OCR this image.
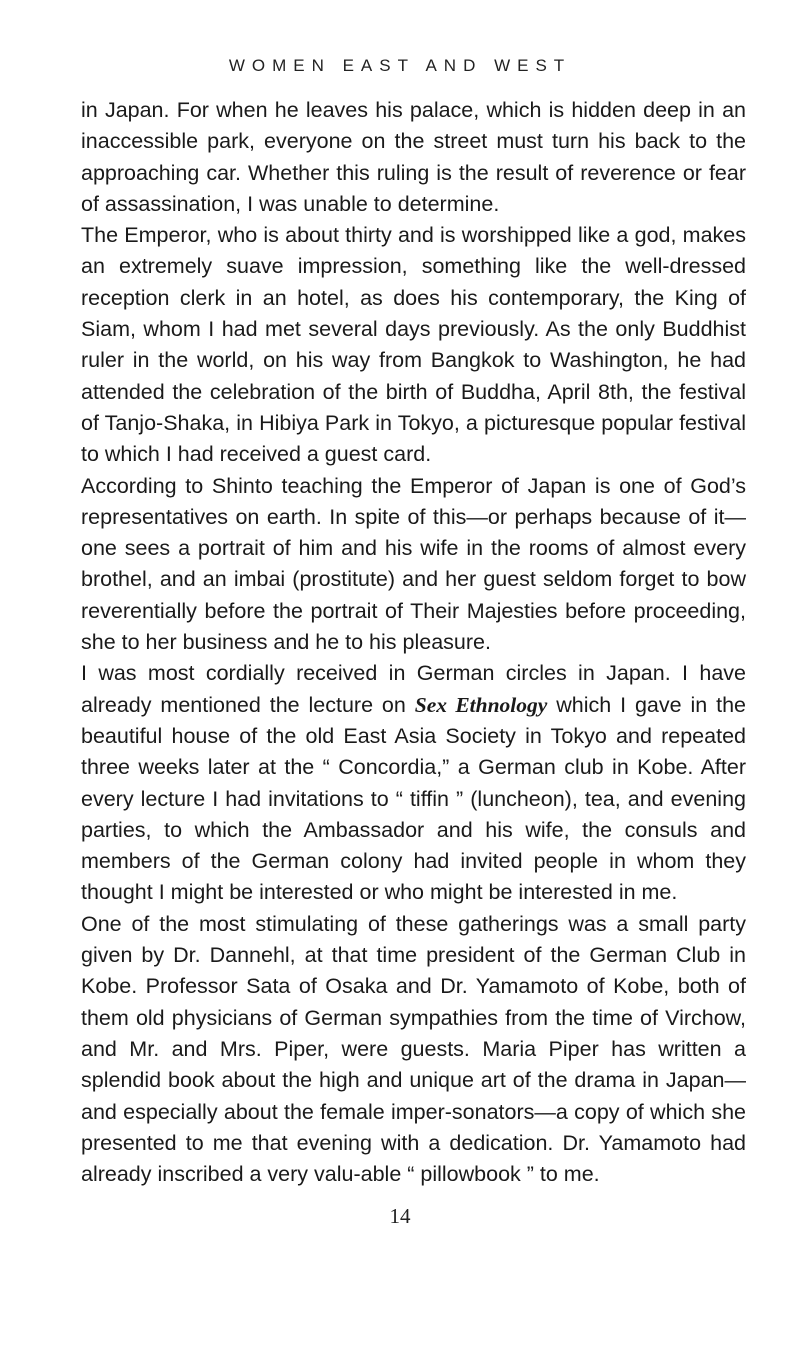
WOMEN EAST AND WEST

in Japan. For when he leaves his palace, which is hidden deep in an inaccessible park, everyone on the street must turn his back to the approaching car. Whether this ruling is the result of reverence or fear of assassination, I was unable to determine.

The Emperor, who is about thirty and is worshipped like a god, makes an extremely suave impression, something like the well-dressed reception clerk in an hotel, as does his contemporary, the King of Siam, whom I had met several days previously. As the only Buddhist ruler in the world, on his way from Bangkok to Washington, he had attended the celebration of the birth of Buddha, April 8th, the festival of Tanjo-Shaka, in Hibiya Park in Tokyo, a picturesque popular festival to which I had received a guest card.

According to Shinto teaching the Emperor of Japan is one of God’s representatives on earth. In spite of this—or perhaps because of it—one sees a portrait of him and his wife in the rooms of almost every brothel, and an imbai (prostitute) and her guest seldom forget to bow reverentially before the portrait of Their Majesties before proceeding, she to her business and he to his pleasure.

I was most cordially received in German circles in Japan. I have already mentioned the lecture on Sex Ethnology which I gave in the beautiful house of the old East Asia Society in Tokyo and repeated three weeks later at the “ Concordia,” a German club in Kobe. After every lecture I had invitations to “ tiffin ” (luncheon), tea, and evening parties, to which the Ambassador and his wife, the consuls and members of the German colony had invited people in whom they thought I might be interested or who might be interested in me.

One of the most stimulating of these gatherings was a small party given by Dr. Dannehl, at that time president of the German Club in Kobe. Professor Sata of Osaka and Dr. Yamamoto of Kobe, both of them old physicians of German sympathies from the time of Virchow, and Mr. and Mrs. Piper, were guests. Maria Piper has written a splendid book about the high and unique art of the drama in Japan—and especially about the female imper-sonators—a copy of which she presented to me that evening with a dedication. Dr. Yamamoto had already inscribed a very valu-able “ pillowbook ” to me.

14
